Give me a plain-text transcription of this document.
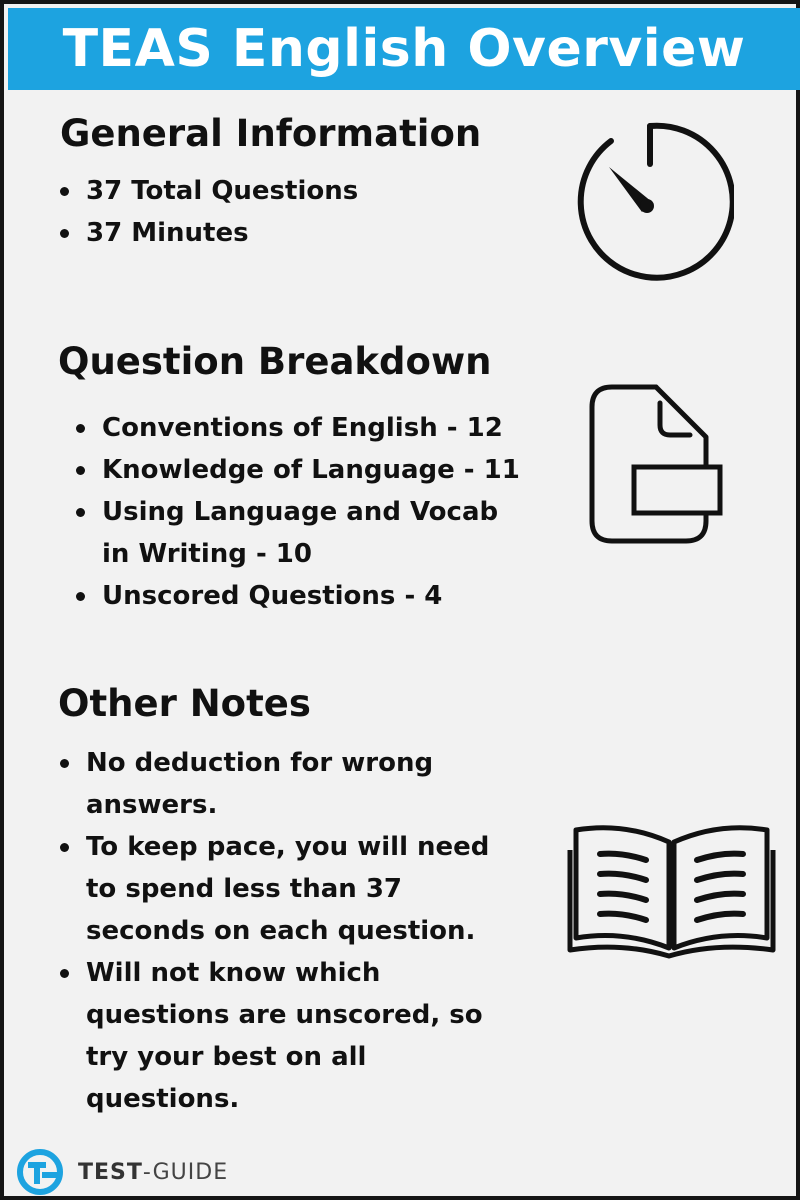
TEAS English Overview
General Information
37 Total Questions
37 Minutes
Question Breakdown
Conventions of English - 12
Knowledge of Language - 11
Using Language and Vocab in Writing - 10
Unscored Questions - 4
Other Notes
No deduction for wrong answers.
To keep pace, you will need to spend less than 37 seconds on each question.
Will not know which questions are unscored, so try your best on all questions.
TEST-GUIDE
